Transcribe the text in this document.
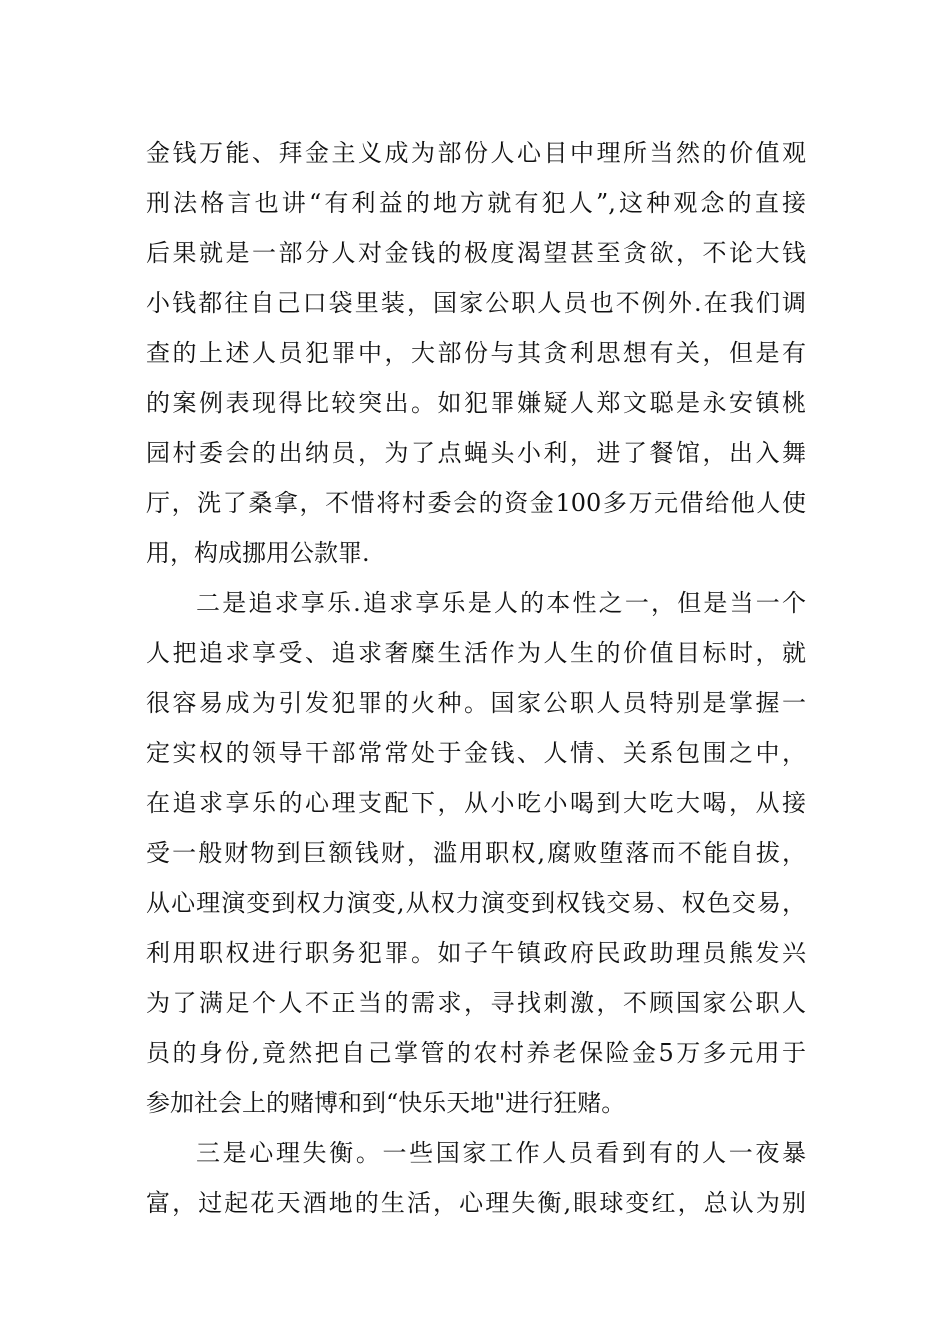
金钱万能、拜金主义成为部份人心目中理所当然的价值观
刑法格言也讲“有利益的地方就有犯人”,这种观念的直接
后果就是一部分人对金钱的极度渴望甚至贪欲，不论大钱
小钱都往自己口袋里装，国家公职人员也不例外.在我们调
查的上述人员犯罪中，大部份与其贪利思想有关，但是有
的案例表现得比较突出。如犯罪嫌疑人郑文聪是永安镇桃
园村委会的出纳员，为了点蝇头小利，进了餐馆，出入舞
厅，洗了桑拿，不惜将村委会的资金100多万元借给他人使
用，构成挪用公款罪.
二是追求享乐.追求享乐是人的本性之一，但是当一个
人把追求享受、追求奢糜生活作为人生的价值目标时，就
很容易成为引发犯罪的火种。国家公职人员特别是掌握一
定实权的领导干部常常处于金钱、人情、关系包围之中，
在追求享乐的心理支配下，从小吃小喝到大吃大喝，从接
受一般财物到巨额钱财，滥用职权,腐败堕落而不能自拔，
从心理演变到权力演变,从权力演变到权钱交易、权色交易，
利用职权进行职务犯罪。如子午镇政府民政助理员熊发兴
为了满足个人不正当的需求，寻找刺激，不顾国家公职人
员的身份,竟然把自己掌管的农村养老保险金5万多元用于
参加社会上的赌博和到“快乐天地"进行狂赌。
三是心理失衡。一些国家工作人员看到有的人一夜暴
富，过起花天酒地的生活，心理失衡,眼球变红，总认为别
